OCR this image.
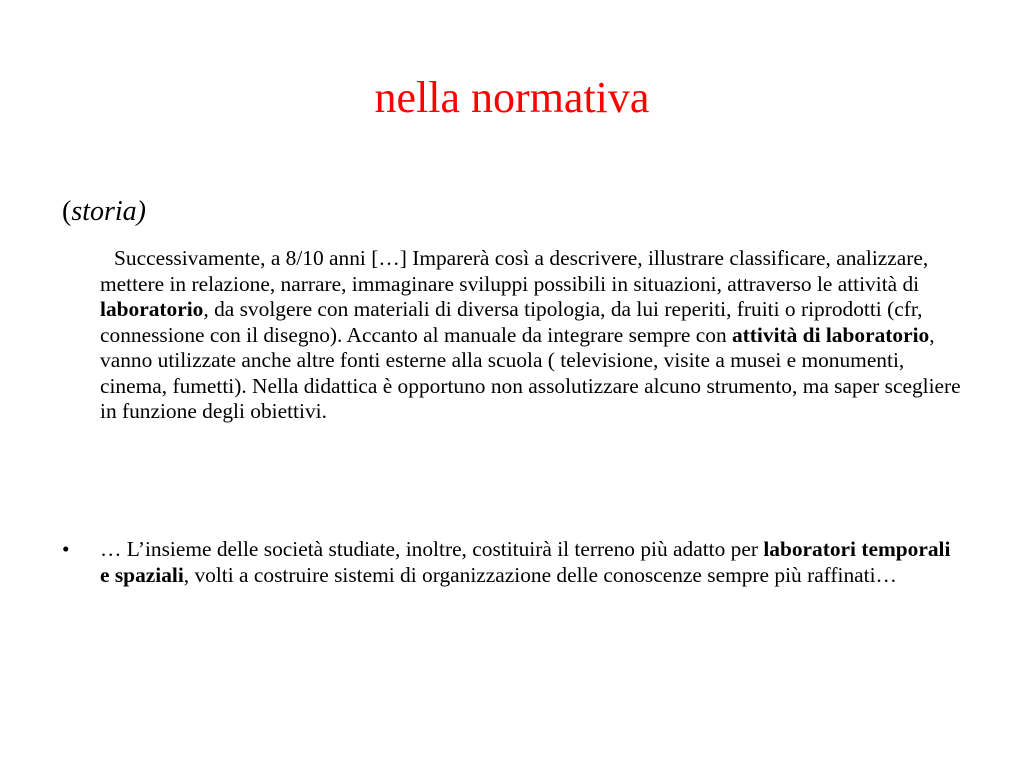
nella normativa

(storia)

Successivamente, a 8/10 anni […] Imparerà così a descrivere, illustrare classificare, analizzare, mettere in relazione, narrare, immaginare sviluppi possibili in situazioni, attraverso le attività di laboratorio, da svolgere con materiali di diversa tipologia, da lui reperiti, fruiti o riprodotti (cfr, connessione con il disegno). Accanto al manuale da integrare sempre con attività di laboratorio, vanno utilizzate anche altre fonti esterne alla scuola ( televisione, visite a musei e monumenti, cinema, fumetti). Nella didattica è opportuno non assolutizzare alcuno strumento, ma saper scegliere in funzione degli obiettivi.

• … L’insieme delle società studiate, inoltre, costituirà il terreno più adatto per laboratori temporali e spaziali, volti a costruire sistemi di organizzazione delle conoscenze sempre più raffinati…
